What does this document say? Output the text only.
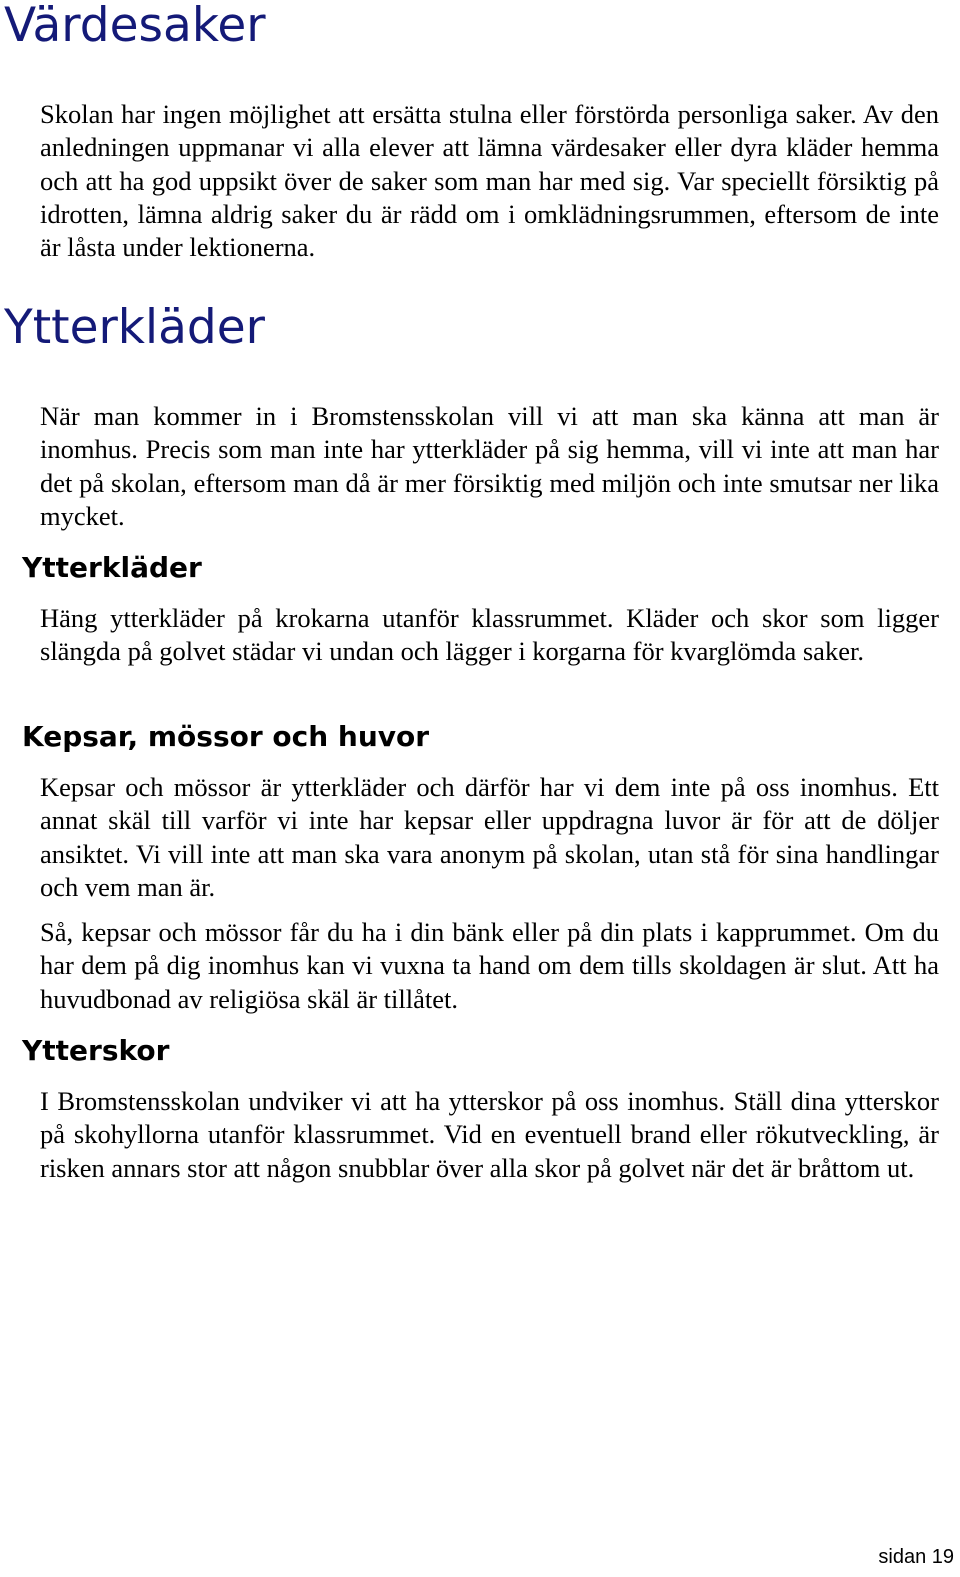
Värdesaker

Skolan har ingen möjlighet att ersätta stulna eller förstörda personliga saker. Av den anledningen uppmanar vi alla elever att lämna värdesaker eller dyra kläder hemma och att ha god uppsikt över de saker som man har med sig. Var speciellt försiktig på idrotten, lämna aldrig saker du är rädd om i omklädningsrummen, eftersom de inte är låsta under lektionerna.

Ytterkläder

När man kommer in i Bromstensskolan vill vi att man ska känna att man är inomhus. Precis som man inte har ytterkläder på sig hemma, vill vi inte att man har det på skolan, eftersom man då är mer försiktig med miljön och inte smutsar ner lika mycket.

Ytterkläder

Häng ytterkläder på krokarna utanför klassrummet. Kläder och skor som ligger slängda på golvet städar vi undan och lägger i korgarna för kvarglömda saker.

Kepsar, mössor och huvor

Kepsar och mössor är ytterkläder och därför har vi dem inte på oss inomhus. Ett annat skäl till varför vi inte har kepsar eller uppdragna luvor är för att de döljer ansiktet. Vi vill inte att man ska vara anonym på skolan, utan stå för sina handlingar och vem man är.

Så, kepsar och mössor får du ha i din bänk eller på din plats i kapprummet. Om du har dem på dig inomhus kan vi vuxna ta hand om dem tills skoldagen är slut. Att ha huvudbonad av religiösa skäl är tillåtet.

Ytterskor

I Bromstensskolan undviker vi att ha ytterskor på oss inomhus. Ställ dina ytterskor på skohyllorna utanför klassrummet. Vid en eventuell brand eller rökutveckling, är risken annars stor att någon snubblar över alla skor på golvet när det är bråttom ut.

sidan 19
